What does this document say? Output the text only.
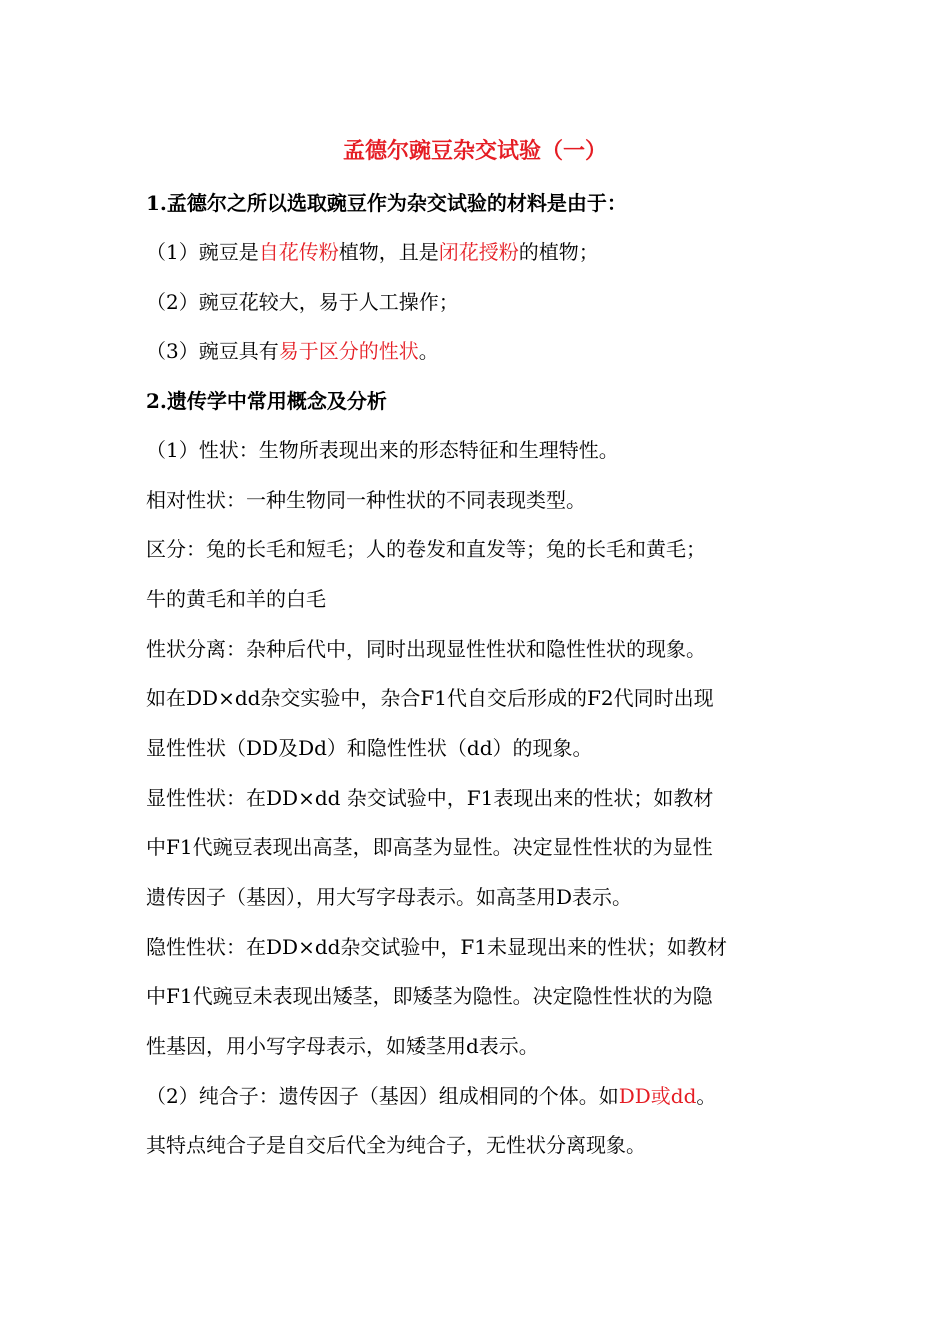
孟德尔豌豆杂交试验（一）
1.孟德尔之所以选取豌豆作为杂交试验的材料是由于：
（1）豌豆是自花传粉植物，且是闭花授粉的植物；
（2）豌豆花较大，易于人工操作；
（3）豌豆具有易于区分的性状。
2.遗传学中常用概念及分析
（1）性状：生物所表现出来的形态特征和生理特性。
相对性状：一种生物同一种性状的不同表现类型。
区分：兔的长毛和短毛；人的卷发和直发等；兔的长毛和黄毛；
牛的黄毛和羊的白毛
性状分离：杂种后代中，同时出现显性性状和隐性性状的现象。
如在DD×dd杂交实验中，杂合F1代自交后形成的F2代同时出现
显性性状（DD及Dd）和隐性性状（dd）的现象。
显性性状：在DD×dd 杂交试验中，F1表现出来的性状；如教材
中F1代豌豆表现出高茎，即高茎为显性。决定显性性状的为显性
遗传因子（基因），用大写字母表示。如高茎用D表示。
隐性性状：在DD×dd杂交试验中，F1未显现出来的性状；如教材
中F1代豌豆未表现出矮茎，即矮茎为隐性。决定隐性性状的为隐
性基因，用小写字母表示，如矮茎用d表示。
（2）纯合子：遗传因子（基因）组成相同的个体。如DD或dd。
其特点纯合子是自交后代全为纯合子，无性状分离现象。
